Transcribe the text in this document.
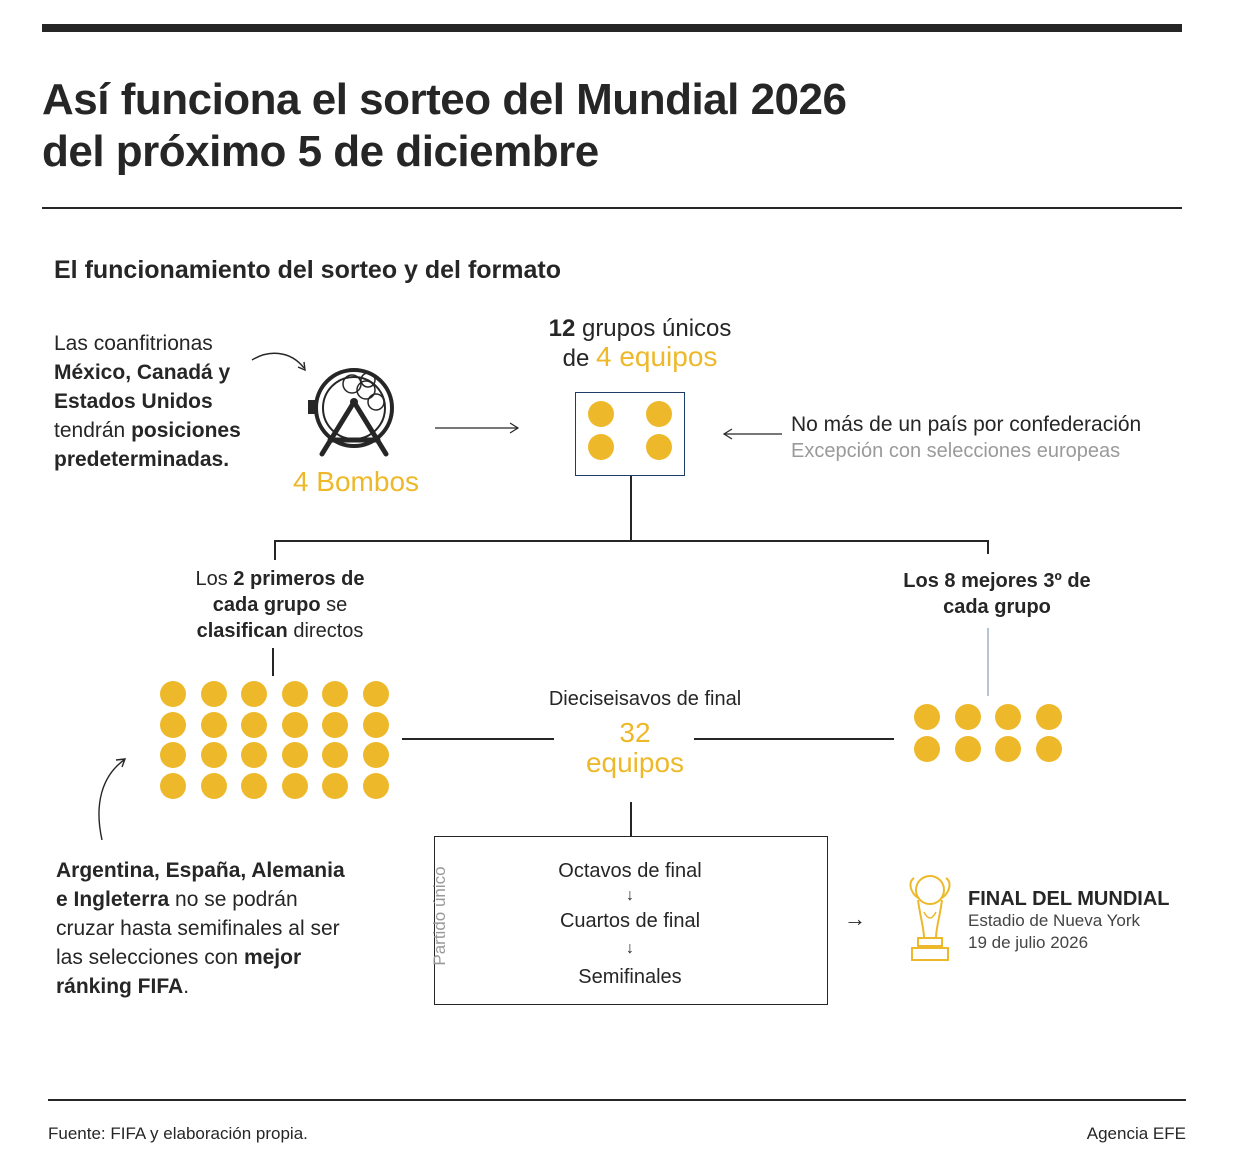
Así funciona el sorteo del Mundial 2026
del próximo 5 de diciembre
El funcionamiento del sorteo y del formato
Las coanfitrionas
México, Canadá y
Estados Unidos
tendrán posiciones
predeterminadas.
4 Bombos
12 grupos únicos
de 4 equipos
No más de un país por confederación
Excepción con selecciones europeas
Los 2 primeros de
cada grupo se
clasifican directos
Los 8 mejores 3º de
cada grupo
Dieciseisavos de final
32
equipos
Argentina, España, Alemania
e Ingleterra no se podrán
cruzar hasta semifinales al ser
las selecciones con mejor
ránking FIFA.
Partido único	Octavos de final
↓
Cuartos de final
↓
Semifinales
→
FINAL DEL MUNDIAL
Estadio de Nueva York
19 de julio 2026
Fuente: FIFA y elaboración propia.	Agencia EFE
